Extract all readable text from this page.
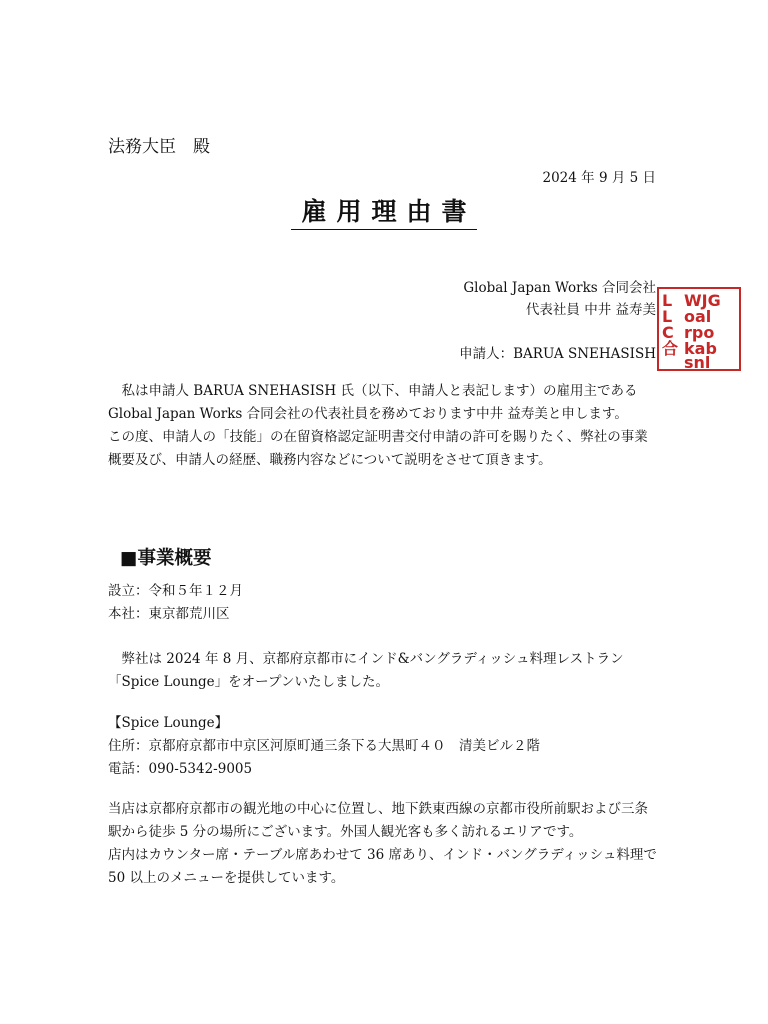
法務大臣　殿
2024 年 9 月 5 日
雇用理由書
Global Japan Works 合同会社
代表社員 中井 益寿美
申請人：BARUA SNEHASISH
WJG
oal
rpo
kab
snl
L
L
C
合

　私は申請人 BARUA SNEHASISH 氏（以下、申請人と表記します）の雇用主である Global Japan Works 合同会社の代表社員を務めております中井 益寿美と申します。

この度、申請人の「技能」の在留資格認定証明書交付申請の許可を賜りたく、弊社の事業概要及び、申請人の経歴、職務内容などについて説明をさせて頂きます。

■事業概要
設立：令和５年１２月
本社：東京都荒川区

　弊社は 2024 年 8 月、京都府京都市にインド&バングラディッシュ料理レストラン「Spice Lounge」をオープンいたしました。

【Spice Lounge】
住所：京都府京都市中京区河原町通三条下る大黒町４０　清美ビル２階
電話：090-5342-9005

当店は京都府京都市の観光地の中心に位置し、地下鉄東西線の京都市役所前駅および三条駅から徒歩 5 分の場所にございます。外国人観光客も多く訪れるエリアです。

店内はカウンター席・テーブル席あわせて 36 席あり、インド・バングラディッシュ料理で 50 以上のメニューを提供しています。
